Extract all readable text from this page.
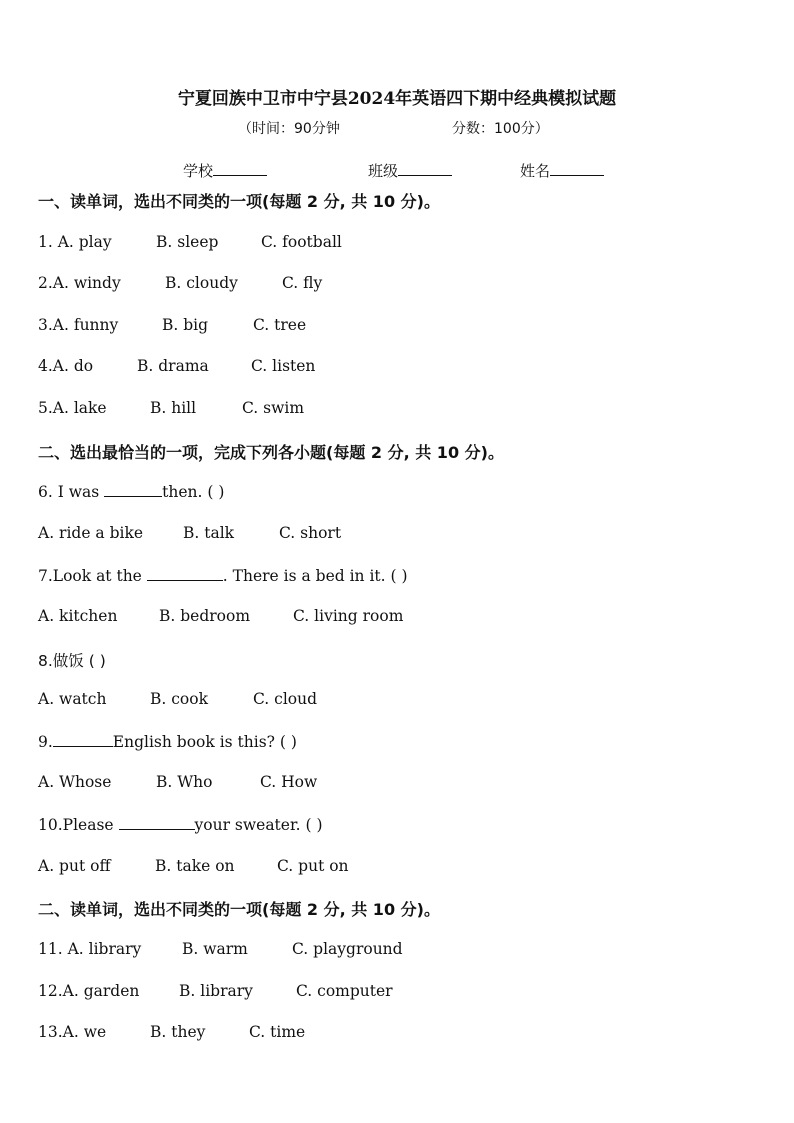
宁夏回族中卫市中宁县2024年英语四下期中经典模拟试题
（时间：90分钟	分数：100分）
学校	班级	姓名
一、读单词，选出不同类的一项(每题 2 分, 共 10 分)。
1. A. play	B. sleep	C. football
2.A. windy	B. cloudy	C. fly
3.A. funny	B. big	C. tree
4.A. do	B. drama	C. listen
5.A. lake	B. hill	C. swim
二、选出最恰当的一项，完成下列各小题(每题 2 分, 共 10 分)。
6. I was	then. ( )
A. ride a bike	B. talk	C. short
7.Look at the	. There is a bed in it. ( )
A. kitchen	B. bedroom	C. living room
8.做饭 ( )
A. watch	B. cook	C. cloud
9.	English book is this? ( )
A. Whose	B. Who	C. How
10.Please	your sweater. ( )
A. put off	B. take on	C. put on
二、读单词，选出不同类的一项(每题 2 分, 共 10 分)。
11. A. library	B. warm	C. playground
12.A. garden	B. library	C. computer
13.A. we	B. they	C. time
